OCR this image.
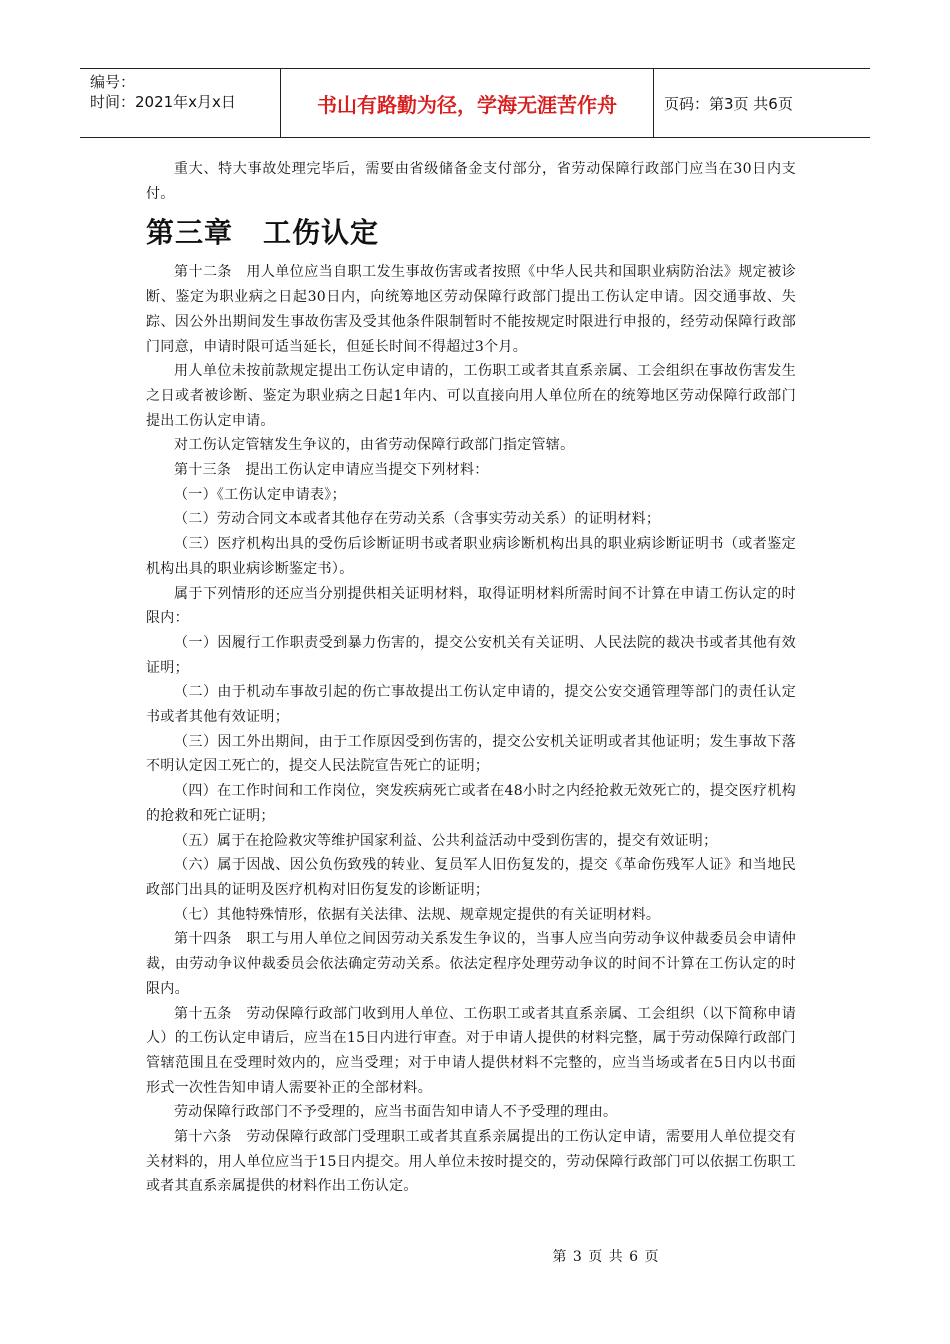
编号：
时间：2021年x月x日	书山有路勤为径，学海无涯苦作舟	页码：第3页 共6页

重大、特大事故处理完毕后，需要由省级储备金支付部分，省劳动保障行政部门应当在30日内支付。

第三章 工伤认定

第十二条　用人单位应当自职工发生事故伤害或者按照《中华人民共和国职业病防治法》规定被诊断、鉴定为职业病之日起30日内，向统筹地区劳动保障行政部门提出工伤认定申请。因交通事故、失踪、因公外出期间发生事故伤害及受其他条件限制暂时不能按规定时限进行申报的，经劳动保障行政部门同意，申请时限可适当延长，但延长时间不得超过3个月。

用人单位未按前款规定提出工伤认定申请的，工伤职工或者其直系亲属、工会组织在事故伤害发生之日或者被诊断、鉴定为职业病之日起1年内、可以直接向用人单位所在的统筹地区劳动保障行政部门提出工伤认定申请。

对工伤认定管辖发生争议的，由省劳动保障行政部门指定管辖。

第十三条　提出工伤认定申请应当提交下列材料：

（一）《工伤认定申请表》；

（二）劳动合同文本或者其他存在劳动关系（含事实劳动关系）的证明材料；

（三）医疗机构出具的受伤后诊断证明书或者职业病诊断机构出具的职业病诊断证明书（或者鉴定机构出具的职业病诊断鉴定书）。

属于下列情形的还应当分别提供相关证明材料，取得证明材料所需时间不计算在申请工伤认定的时限内：

（一）因履行工作职责受到暴力伤害的，提交公安机关有关证明、人民法院的裁决书或者其他有效证明；

（二）由于机动车事故引起的伤亡事故提出工伤认定申请的，提交公安交通管理等部门的责任认定书或者其他有效证明；

（三）因工外出期间，由于工作原因受到伤害的，提交公安机关证明或者其他证明；发生事故下落不明认定因工死亡的，提交人民法院宣告死亡的证明；

（四）在工作时间和工作岗位，突发疾病死亡或者在48小时之内经抢救无效死亡的，提交医疗机构的抢救和死亡证明；

（五）属于在抢险救灾等维护国家利益、公共利益活动中受到伤害的，提交有效证明；

（六）属于因战、因公负伤致残的转业、复员军人旧伤复发的，提交《革命伤残军人证》和当地民政部门出具的证明及医疗机构对旧伤复发的诊断证明；

（七）其他特殊情形，依据有关法律、法规、规章规定提供的有关证明材料。

第十四条　职工与用人单位之间因劳动关系发生争议的，当事人应当向劳动争议仲裁委员会申请仲裁，由劳动争议仲裁委员会依法确定劳动关系。依法定程序处理劳动争议的时间不计算在工伤认定的时限内。

第十五条　劳动保障行政部门收到用人单位、工伤职工或者其直系亲属、工会组织（以下简称申请人）的工伤认定申请后，应当在15日内进行审查。对于申请人提供的材料完整，属于劳动保障行政部门管辖范围且在受理时效内的，应当受理；对于申请人提供材料不完整的，应当当场或者在5日内以书面形式一次性告知申请人需要补正的全部材料。

劳动保障行政部门不予受理的，应当书面告知申请人不予受理的理由。

第十六条　劳动保障行政部门受理职工或者其直系亲属提出的工伤认定申请，需要用人单位提交有关材料的，用人单位应当于15日内提交。用人单位未按时提交的，劳动保障行政部门可以依据工伤职工或者其直系亲属提供的材料作出工伤认定。

第 3 页 共 6 页
